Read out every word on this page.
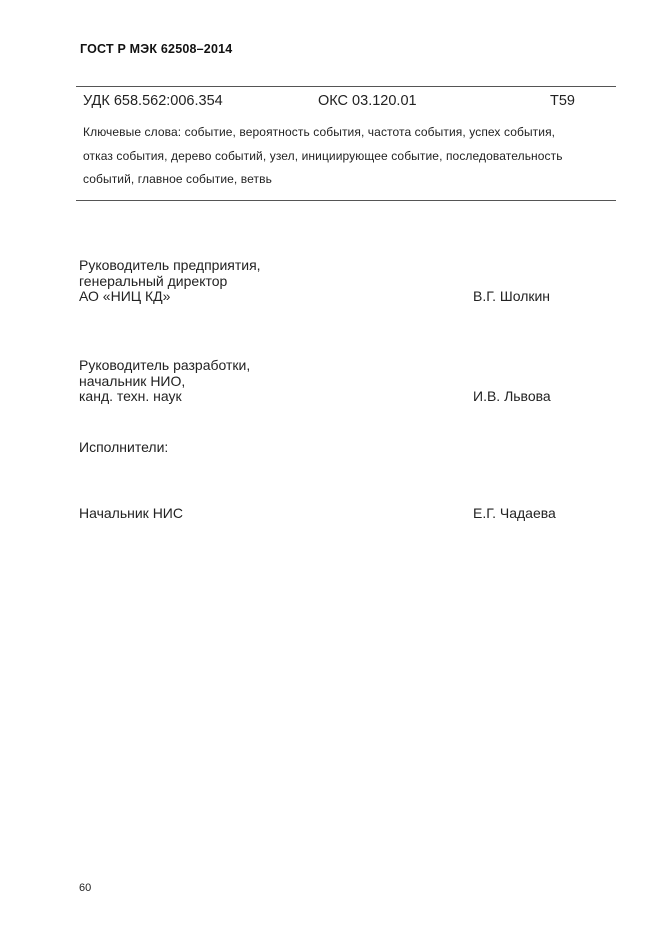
ГОСТ Р МЭК 62508–2014
УДК 658.562:006.354	ОКС 03.120.01	Т59
Ключевые слова: событие, вероятность события, частота события, успех события,
отказ события, дерево событий, узел, инициирующее событие, последовательность
событий, главное событие, ветвь
Руководитель предприятия,
генеральный директор
АО «НИЦ КД»	В.Г. Шолкин
Руководитель разработки,
начальник НИО,
канд. техн. наук	И.В. Львова
Исполнители:
Начальник НИС	Е.Г. Чадаева
60
